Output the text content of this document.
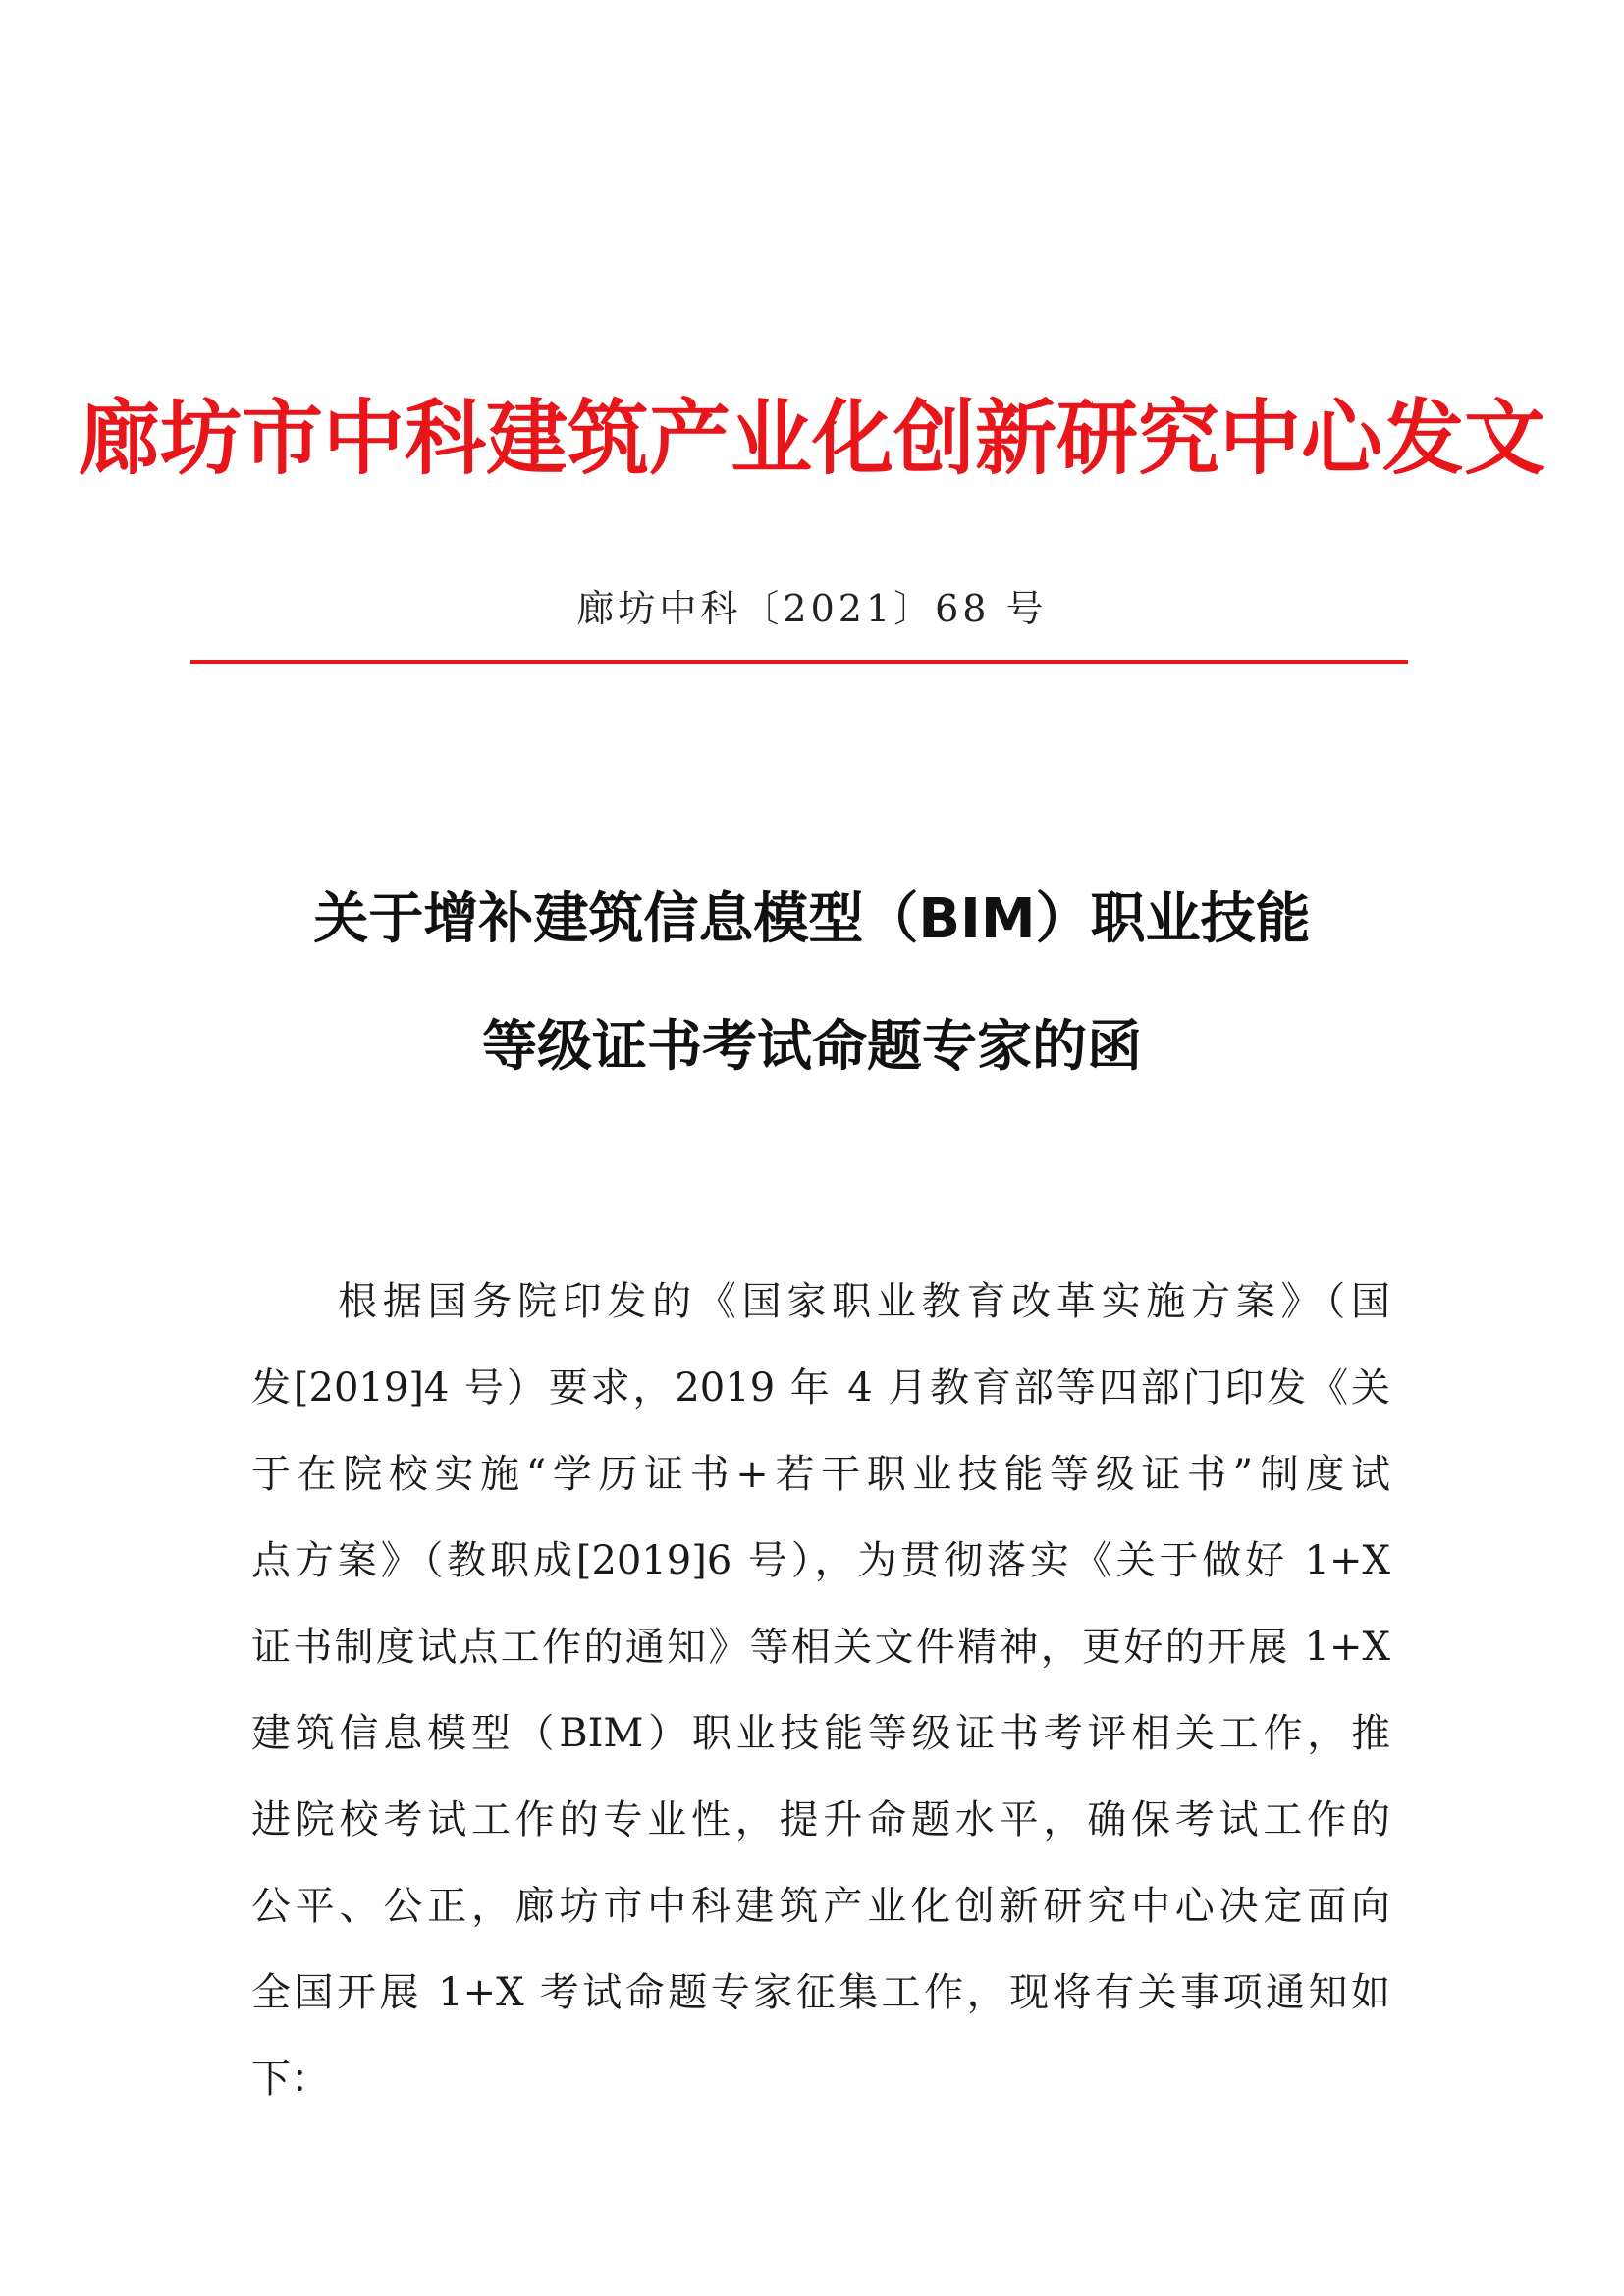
廊坊市中科建筑产业化创新研究中心发文
廊坊中科〔2021〕68 号
关于增补建筑信息模型（BIM）职业技能
等级证书考试命题专家的函
根据国务院印发的《国家职业教育改革实施方案》（国
发[2019]4 号）要求，2019 年 4 月教育部等四部门印发《关
于在院校实施“学历证书+若干职业技能等级证书”制度试
点方案》（教职成[2019]6 号），为贯彻落实《关于做好 1+X
证书制度试点工作的通知》等相关文件精神，更好的开展 1+X
建筑信息模型（BIM）职业技能等级证书考评相关工作，推
进院校考试工作的专业性，提升命题水平，确保考试工作的
公平、公正，廊坊市中科建筑产业化创新研究中心决定面向
全国开展 1+X 考试命题专家征集工作，现将有关事项通知如
下：
